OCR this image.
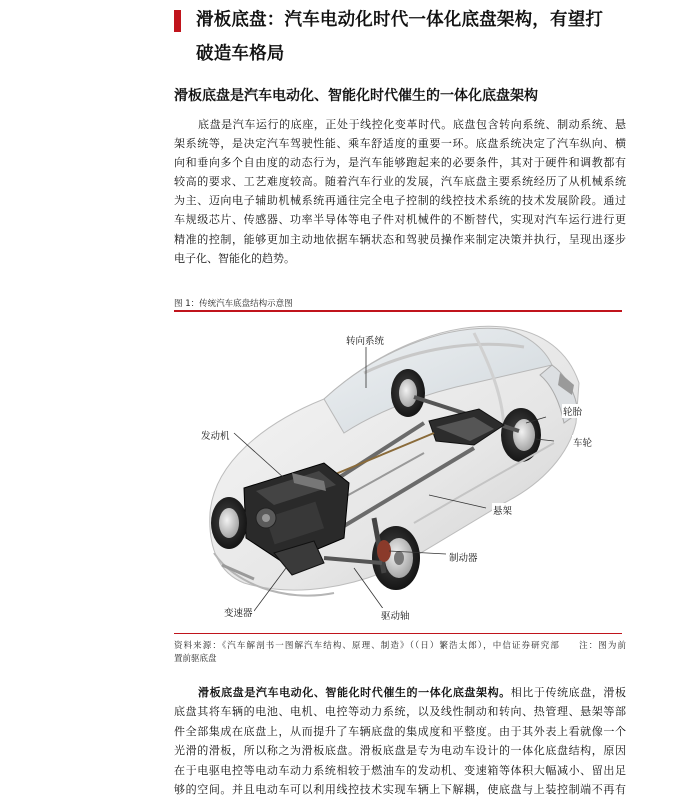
滑板底盘：汽车电动化时代一体化底盘架构，有望打
破造车格局
滑板底盘是汽车电动化、智能化时代催生的一体化底盘架构
底盘是汽车运行的底座，正处于线控化变革时代。底盘包含转向系统、制动系统、悬
架系统等，是决定汽车驾驶性能、乘车舒适度的重要一环。底盘系统决定了汽车纵向、横
向和垂向多个自由度的动态行为，是汽车能够跑起来的必要条件，其对于硬件和调教都有
较高的要求、工艺难度较高。随着汽车行业的发展，汽车底盘主要系统经历了从机械系统
为主、迈向电子辅助机械系统再通往完全电子控制的线控技术系统的技术发展阶段。通过
车规级芯片、传感器、功率半导体等电子件对机械件的不断替代，实现对汽车运行进行更
精准的控制，能够更加主动地依据车辆状态和驾驶员操作来制定决策并执行，呈现出逐步
电子化、智能化的趋势。
图 1：传统汽车底盘结构示意图
转向系统
轮胎
车轮
发动机
悬架
制动器
变速器	驱动轴
资料来源：《汽车解剖书一图解汽车结构、原理、制造》（（日）繁浩太郎），中信证券研究部　　注：图为前
置前驱底盘
滑板底盘是汽车电动化、智能化时代催生的一体化底盘架构。相比于传统底盘，滑板
底盘其将车辆的电池、电机、电控等动力系统，以及线性制动和转向、热管理、悬架等部
件全部集成在底盘上，从而提升了车辆底盘的集成度和平整度。由于其外表上看就像一个
光滑的滑板，所以称之为滑板底盘。滑板底盘是专为电动车设计的一体化底盘结构，原因
在于电驱电控等电动车动力系统相较于燃油车的发动机、变速箱等体积大幅减小、留出足
够的空间。并且电动车可以利用线控技术实现车辆上下解耦，使底盘与上装控制端不再有
